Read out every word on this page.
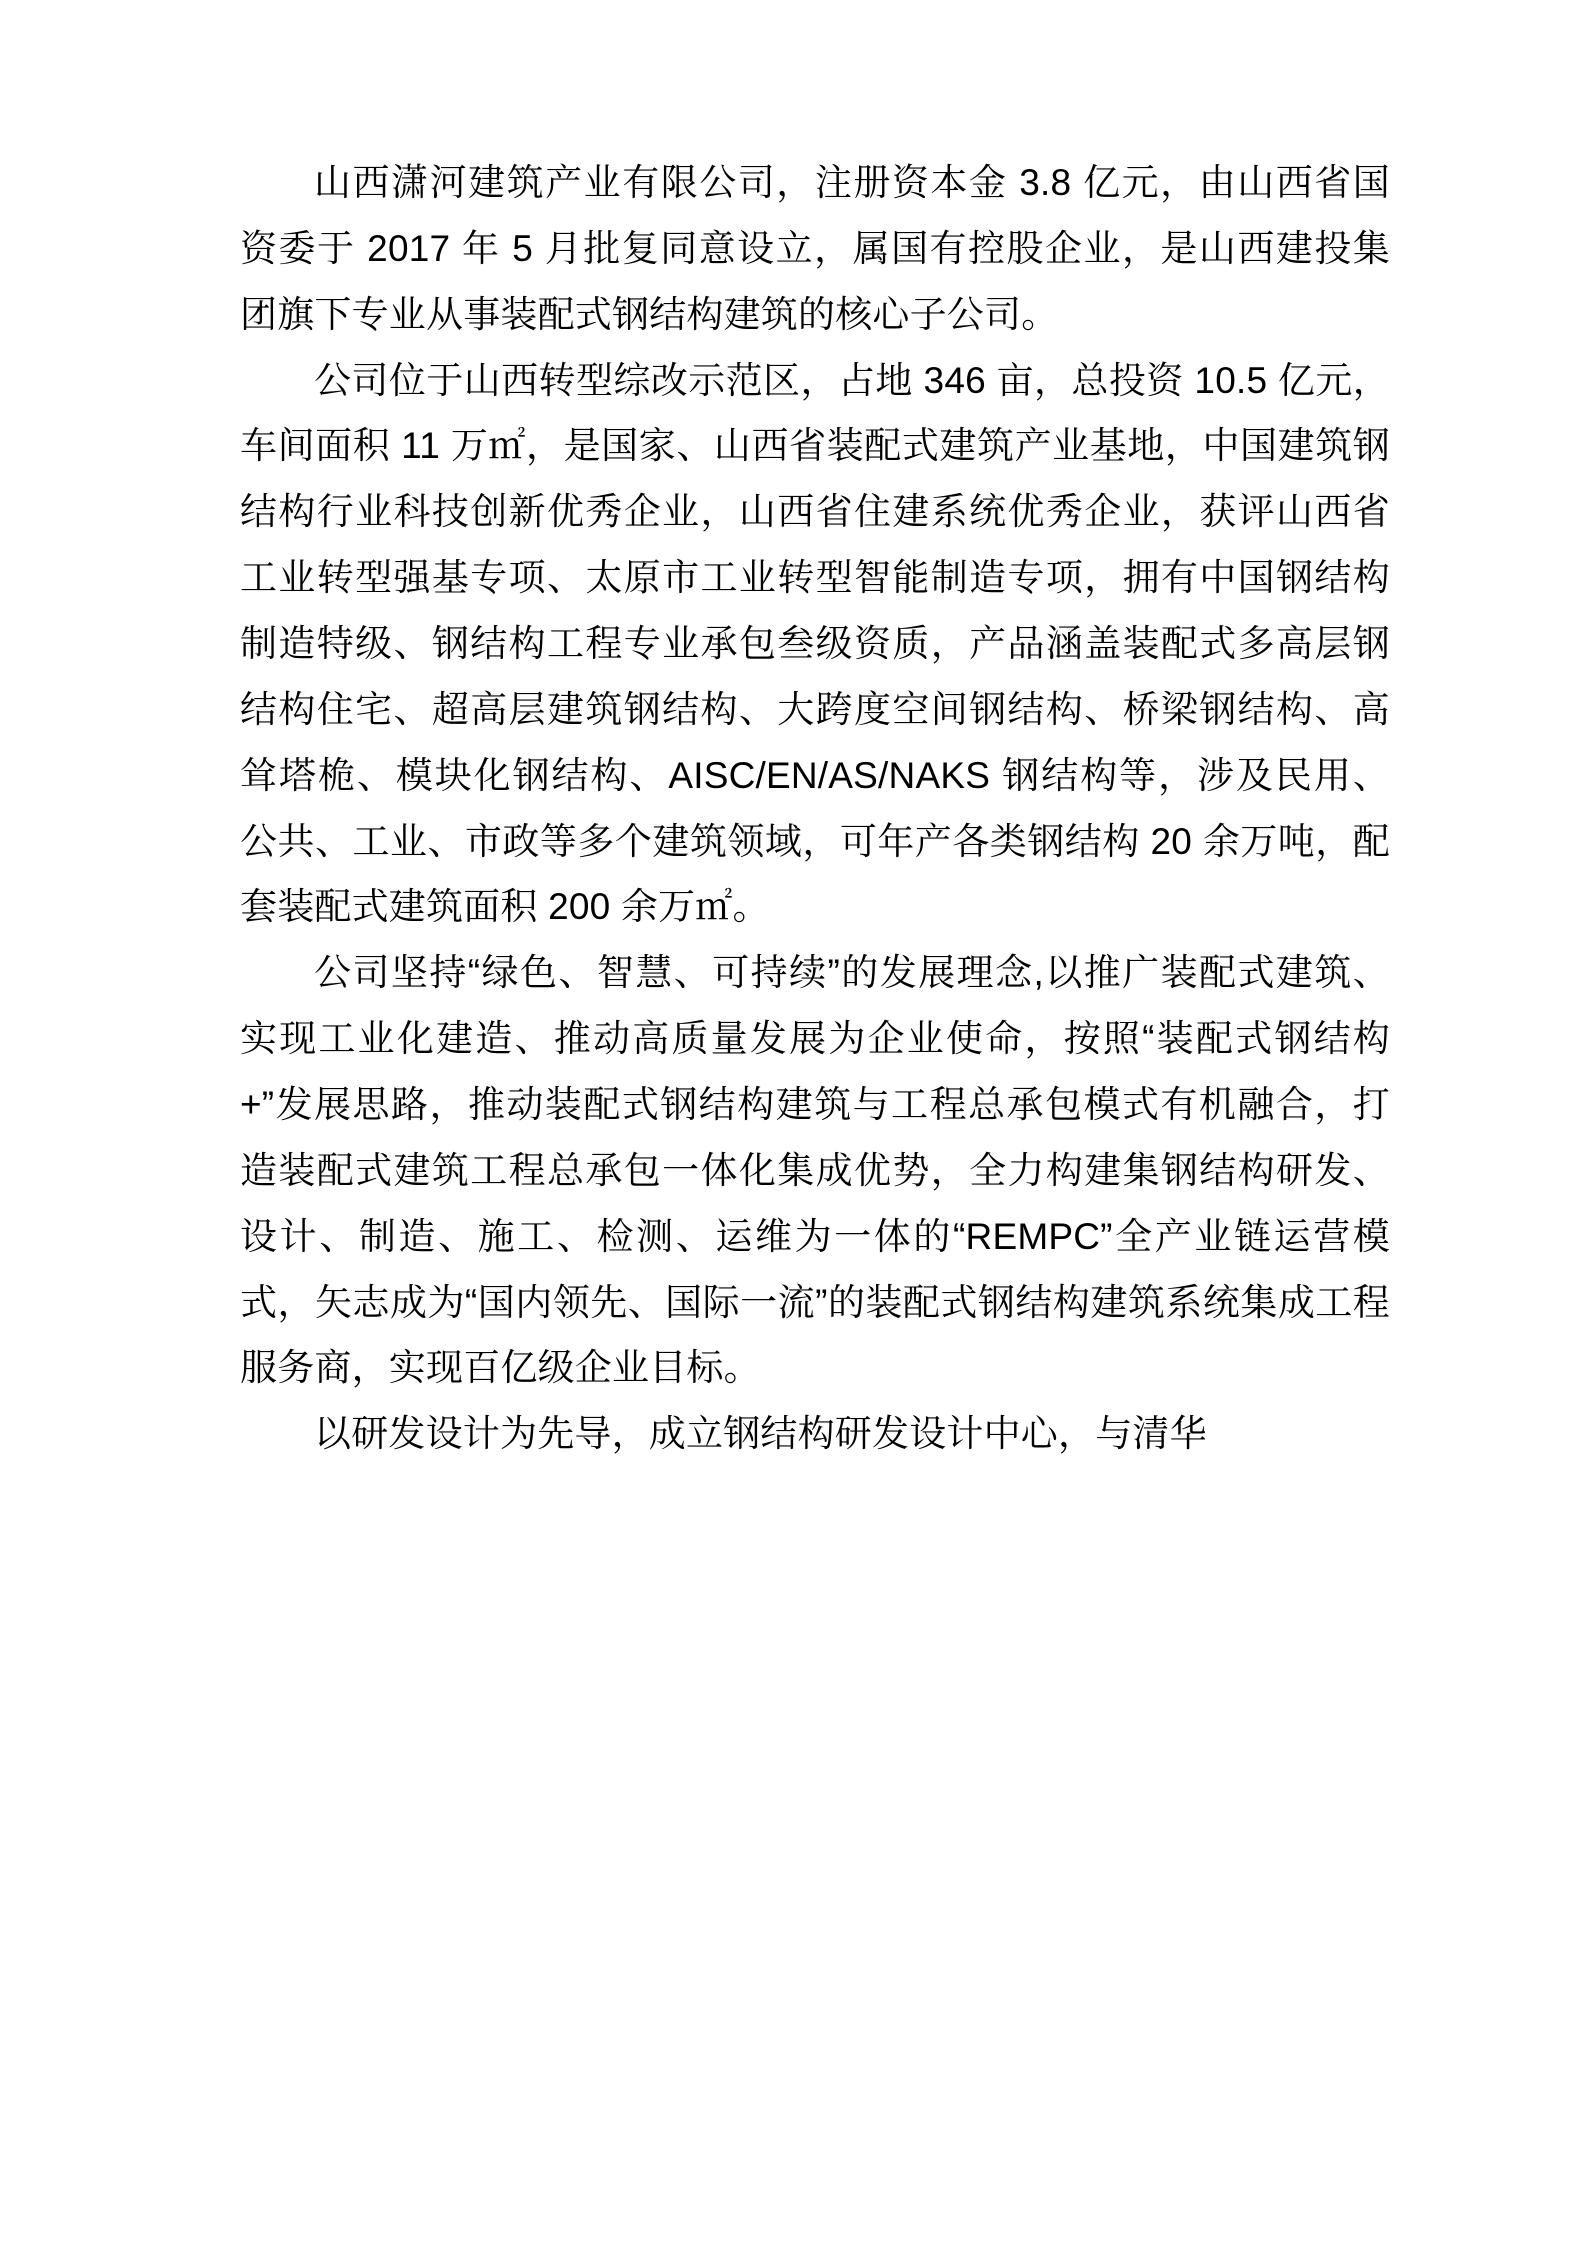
山西潇河建筑产业有限公司，注册资本金 3.8 亿元，由山西省国资委于 2017 年 5 月批复同意设立，属国有控股企业，是山西建投集团旗下专业从事装配式钢结构建筑的核心子公司。

公司位于山西转型综改示范区，占地 346 亩，总投资 10.5 亿元，车间面积 11 万㎡，是国家、山西省装配式建筑产业基地，中国建筑钢结构行业科技创新优秀企业，山西省住建系统优秀企业，获评山西省工业转型强基专项、太原市工业转型智能制造专项，拥有中国钢结构制造特级、钢结构工程专业承包叁级资质，产品涵盖装配式多高层钢结构住宅、超高层建筑钢结构、大跨度空间钢结构、桥梁钢结构、高耸塔桅、模块化钢结构、AISC/EN/AS/NAKS 钢结构等，涉及民用、公共、工业、市政等多个建筑领域，可年产各类钢结构 20 余万吨，配套装配式建筑面积 200 余万㎡。

公司坚持“绿色、智慧、可持续”的发展理念,以推广装配式建筑、实现工业化建造、推动高质量发展为企业使命，按照“装配式钢结构+”发展思路，推动装配式钢结构建筑与工程总承包模式有机融合，打造装配式建筑工程总承包一体化集成优势，全力构建集钢结构研发、设计、制造、施工、检测、运维为一体的“REMPC”全产业链运营模式，矢志成为“国内领先、国际一流”的装配式钢结构建筑系统集成工程服务商，实现百亿级企业目标。

以研发设计为先导，成立钢结构研发设计中心，与清华
